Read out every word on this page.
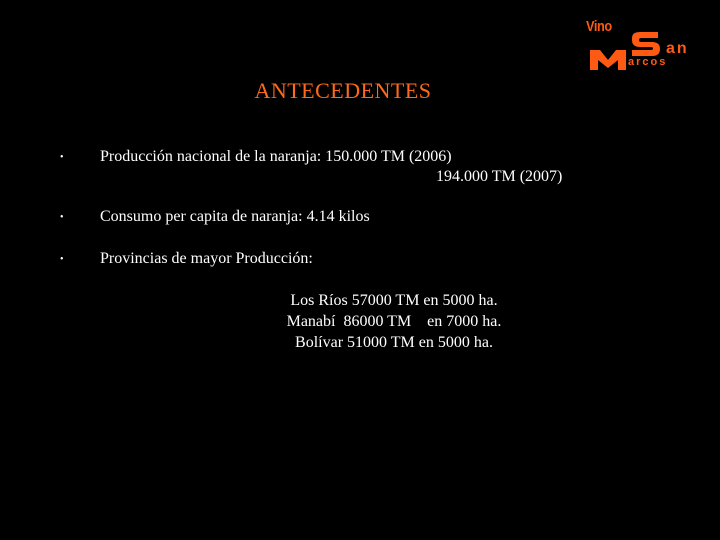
Vino
an
arcos
ANTECEDENTES
• Producción nacional de la naranja: 150.000 TM (2006)
194.000 TM (2007)
• Consumo per capita de naranja: 4.14 kilos
• Provincias de mayor Producción:
Los Ríos 57000 TM en 5000 ha.
Manabí  86000 TM    en 7000 ha.
Bolívar 51000 TM en 5000 ha.
